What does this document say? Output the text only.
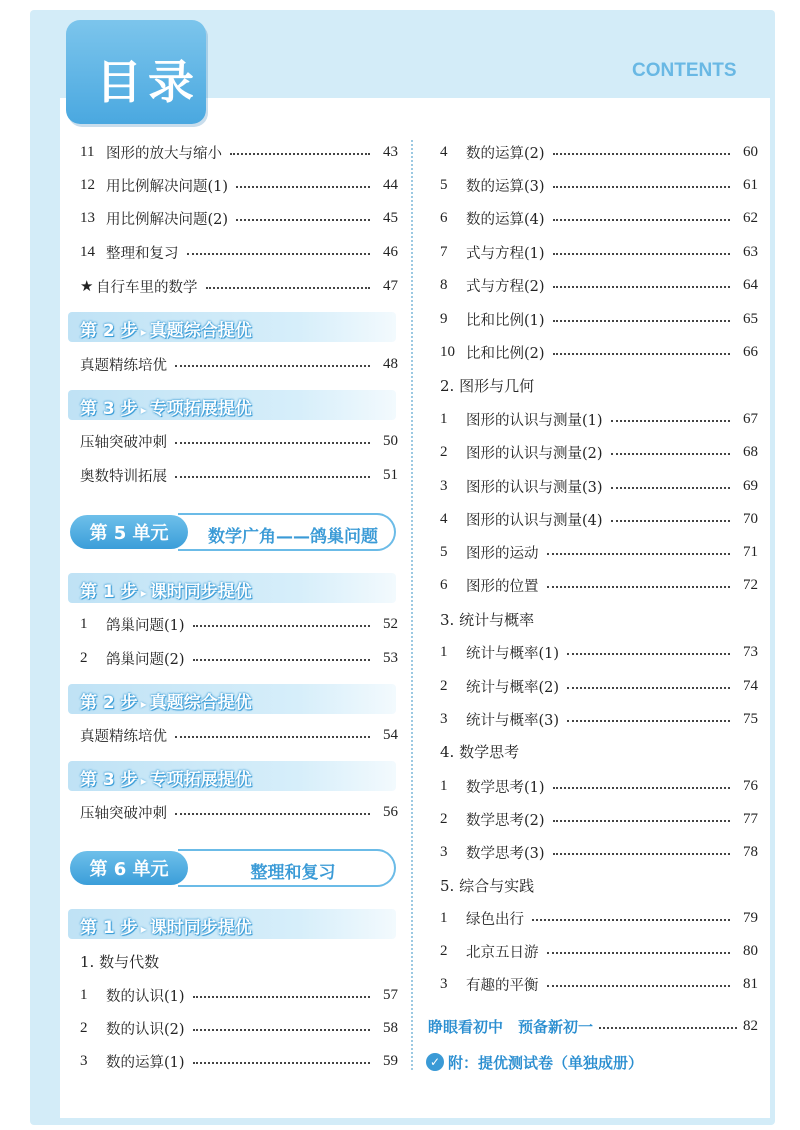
目录	CONTENTS
11 图形的放大与缩小	43
12 用比例解决问题(1)	44
13 用比例解决问题(2)	45
14 整理和复习	46
★ 自行车里的数学	47
第 2 步 ▸ 真题综合提优
真题精练培优	48
第 3 步 ▸ 专项拓展提优
压轴突破冲刺	50
奥数特训拓展	51
第 5 单元	数学广角——鸽巢问题
第 1 步 ▸ 课时同步提优
1	鸽巢问题(1)	52
2	鸽巢问题(2)	53
第 2 步 ▸ 真题综合提优
真题精练培优	54
第 3 步 ▸ 专项拓展提优
压轴突破冲刺	56
第 6 单元	整理和复习
第 1 步 ▸ 课时同步提优
1. 数与代数
1	数的认识(1)	57
2	数的认识(2)	58
3	数的运算(1)	59
4	数的运算(2)	60
5	数的运算(3)	61
6	数的运算(4)	62
7	式与方程(1)	63
8	式与方程(2)	64
9	比和比例(1)	65
10 比和比例(2)	66
2. 图形与几何
1	图形的认识与测量(1)	67
2	图形的认识与测量(2)	68
3	图形的认识与测量(3)	69
4	图形的认识与测量(4)	70
5	图形的运动	71
6	图形的位置	72
3. 统计与概率
1	统计与概率(1)	73
2	统计与概率(2)	74
3	统计与概率(3)	75
4. 数学思考
1	数学思考(1)	76
2	数学思考(2)	77
3	数学思考(3)	78
5. 综合与实践
1	绿色出行	79
2	北京五日游	80
3	有趣的平衡	81
睁眼看初中　预备新初一	82
✓ 附：提优测试卷（单独成册）
